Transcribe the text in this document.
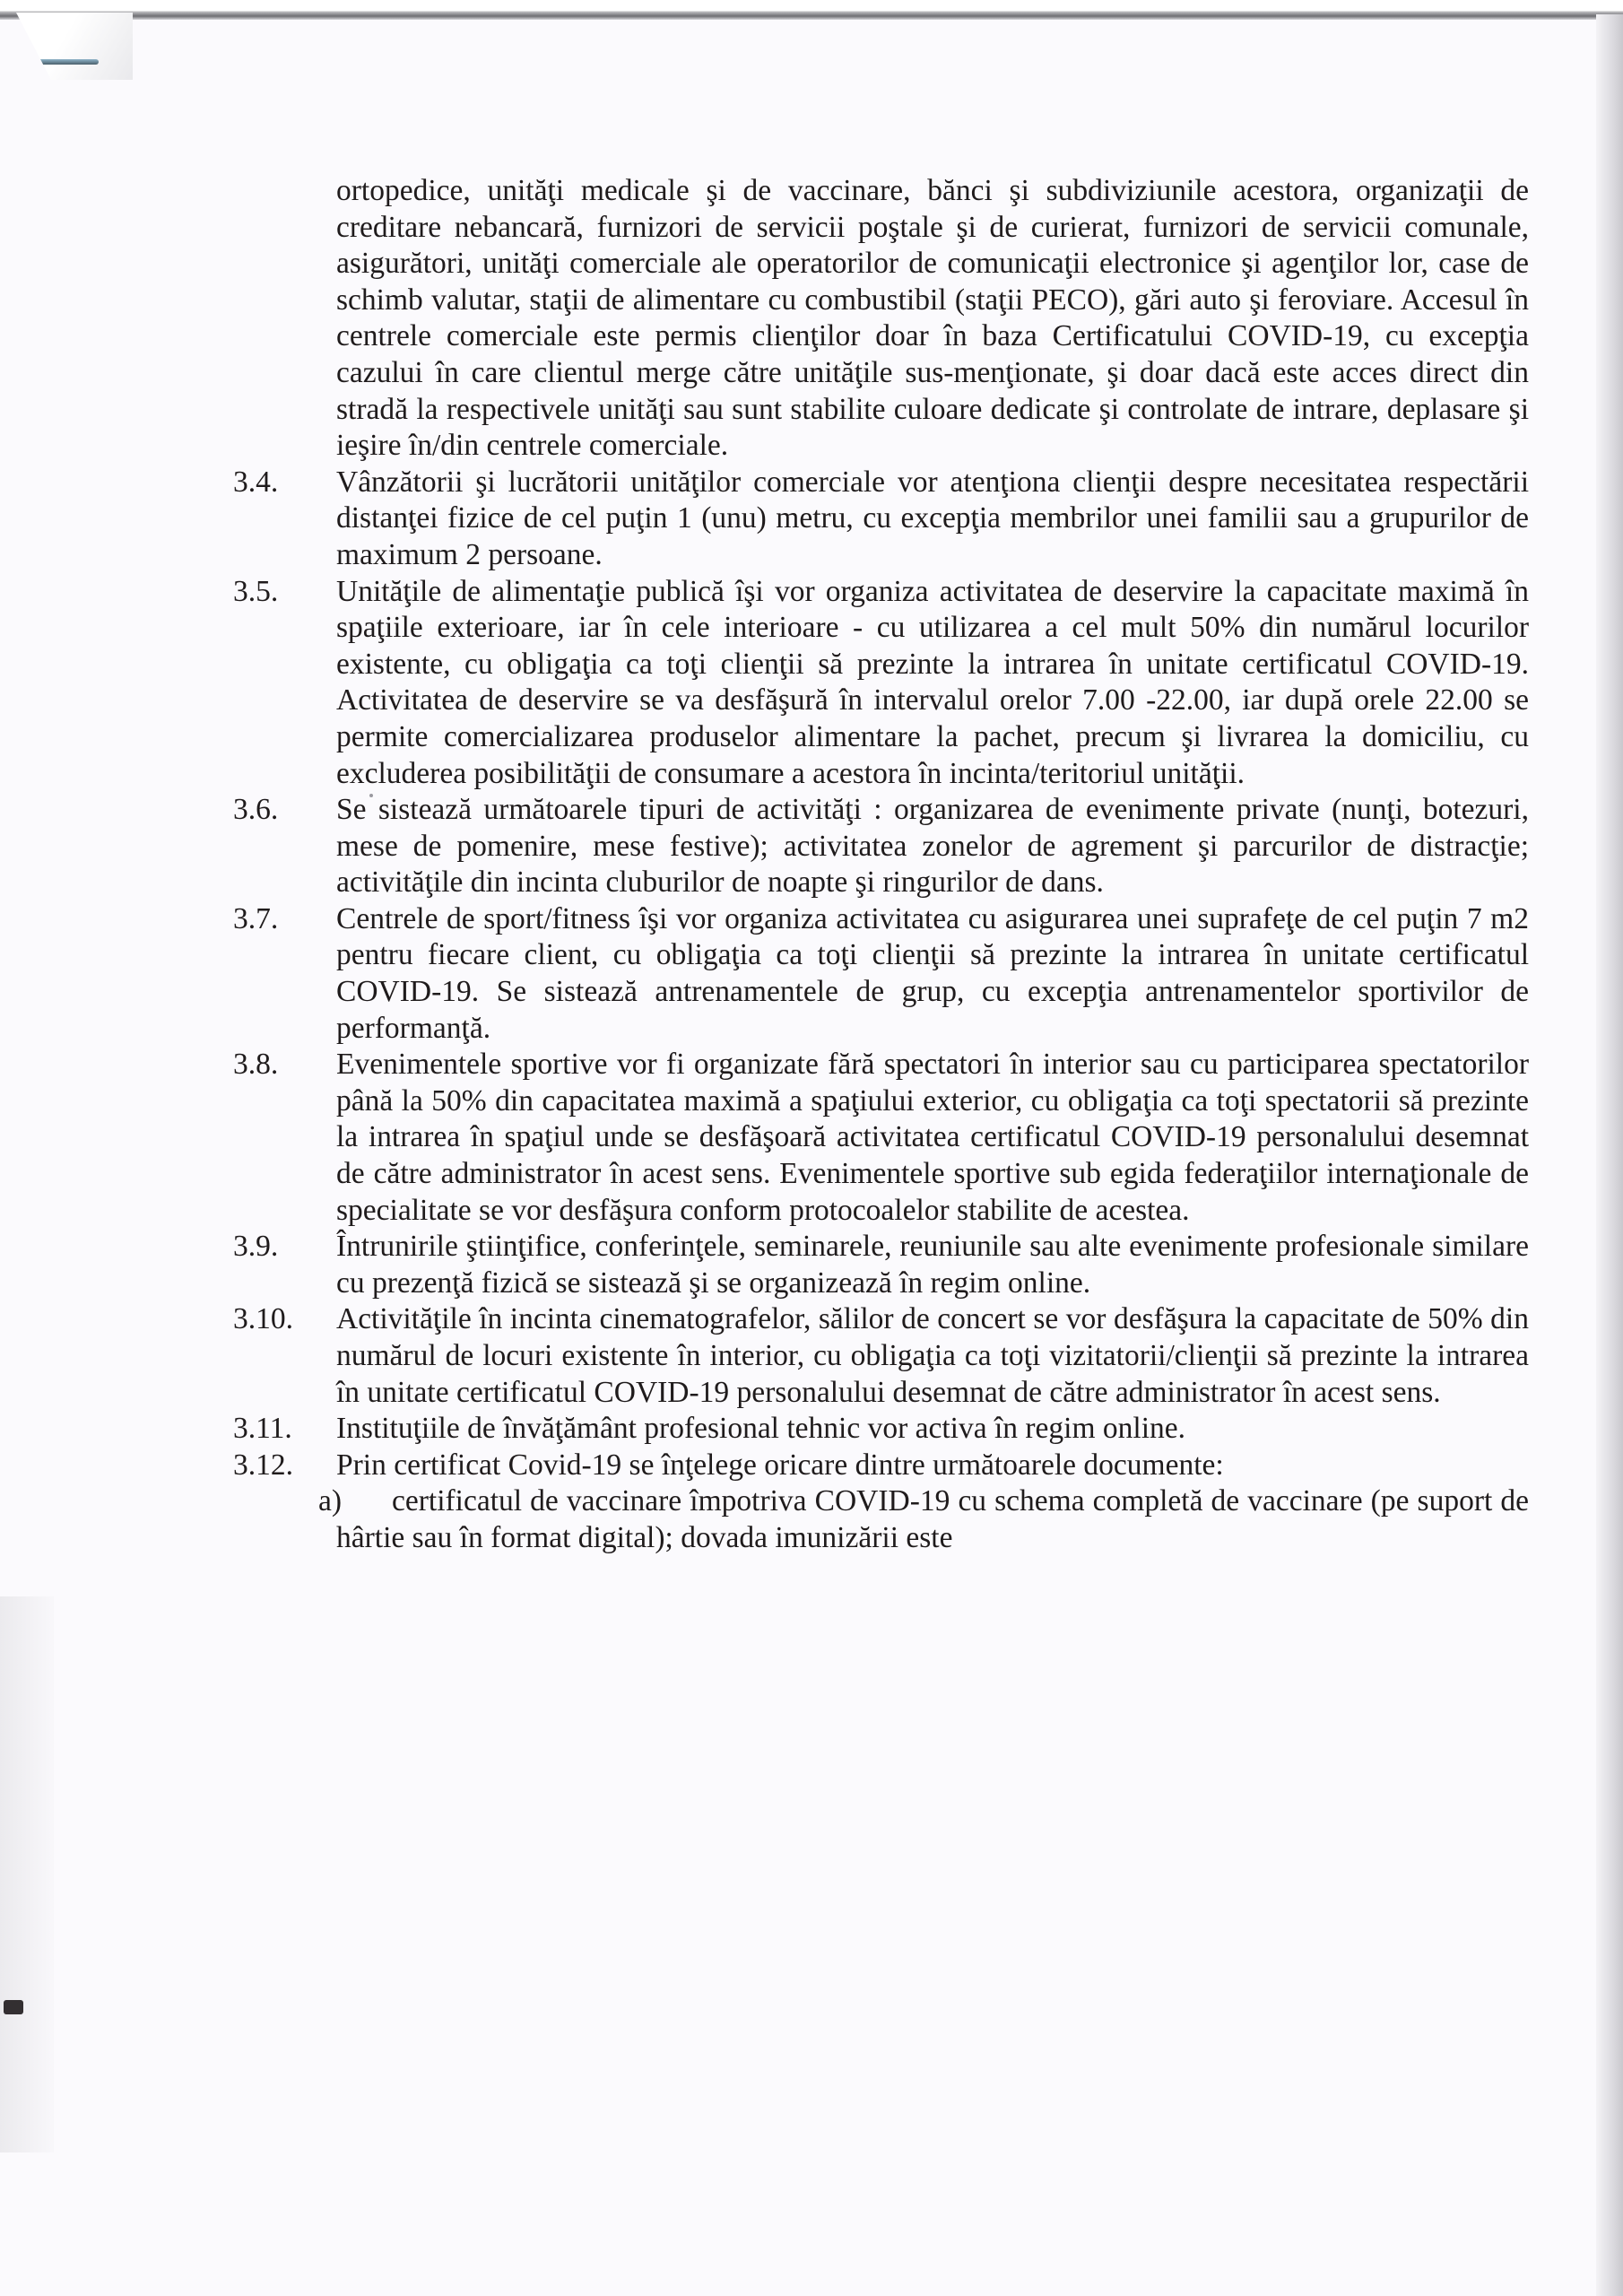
ortopedice, unităţi medicale şi de vaccinare, bănci şi subdiviziunile acestora, organizaţii de creditare nebancară, furnizori de servicii poştale şi de curierat, furnizori de servicii comunale, asigurători, unităţi comerciale ale operatorilor de comunicaţii electronice şi agenţilor lor, case de schimb valutar, staţii de alimentare cu combustibil (staţii PECO), gări auto şi feroviare. Accesul în centrele comerciale este permis clienţilor doar în baza Certificatului COVID-19, cu excepţia cazului în care clientul merge către unităţile sus-menţionate, şi doar dacă este acces direct din stradă la respectivele unităţi sau sunt stabilite culoare dedicate şi controlate de intrare, deplasare şi ieşire în/din centrele comerciale.
3.4.	Vânzătorii şi lucrătorii unităţilor comerciale vor atenţiona clienţii despre necesitatea respectării distanţei fizice de cel puţin 1 (unu) metru, cu excepţia membrilor unei familii sau a grupurilor de maximum 2 persoane.
3.5.	Unităţile de alimentaţie publică îşi vor organiza activitatea de deservire la capacitate maximă în spaţiile exterioare, iar în cele interioare - cu utilizarea a cel mult 50% din numărul locurilor existente, cu obligaţia ca toţi clienţii să prezinte la intrarea în unitate certificatul COVID-19. Activitatea de deservire se va desfăşură în intervalul orelor 7.00 -22.00, iar după orele 22.00 se permite comercializarea produselor alimentare la pachet, precum şi livrarea la domiciliu, cu excluderea posibilităţii de consumare a acestora în incinta/teritoriul unităţii.
3.6.	Se sistează următoarele tipuri de activităţi : organizarea de evenimente private (nunţi, botezuri, mese de pomenire, mese festive); activitatea zonelor de agrement şi parcurilor de distracţie; activităţile din incinta cluburilor de noapte şi ringurilor de dans.
3.7.	Centrele de sport/fitness îşi vor organiza activitatea cu asigurarea unei suprafeţe de cel puţin 7 m2 pentru fiecare client, cu obligaţia ca toţi clienţii să prezinte la intrarea în unitate certificatul COVID-19. Se sistează antrenamentele de grup, cu excepţia antrenamentelor sportivilor de performanţă.
3.8.	Evenimentele sportive vor fi organizate fără spectatori în interior sau cu participarea spectatorilor până la 50% din capacitatea maximă a spaţiului exterior, cu obligaţia ca toţi spectatorii să prezinte la intrarea în spaţiul unde se desfăşoară activitatea certificatul COVID-19 personalului desemnat de către administrator în acest sens. Evenimentele sportive sub egida federaţiilor internaţionale de specialitate se vor desfăşura conform protocoalelor stabilite de acestea.
3.9.	Întrunirile ştiinţifice, conferinţele, seminarele, reuniunile sau alte evenimente profesionale similare cu prezenţă fizică se sistează şi se organizează în regim online.
3.10.	Activităţile în incinta cinematografelor, sălilor de concert se vor desfăşura la capacitate de 50% din numărul de locuri existente în interior, cu obligaţia ca toţi vizitatorii/clienţii să prezinte la intrarea în unitate certificatul COVID-19 personalului desemnat de către administrator în acest sens.
3.11.	Instituţiile de învăţământ profesional tehnic vor activa în regim online.
3.12.	Prin certificat Covid-19 se înţelege oricare dintre următoarele documente:
a)	certificatul de vaccinare împotriva COVID-19 cu schema completă de vaccinare (pe suport de hârtie sau în format digital); dovada imunizării este
